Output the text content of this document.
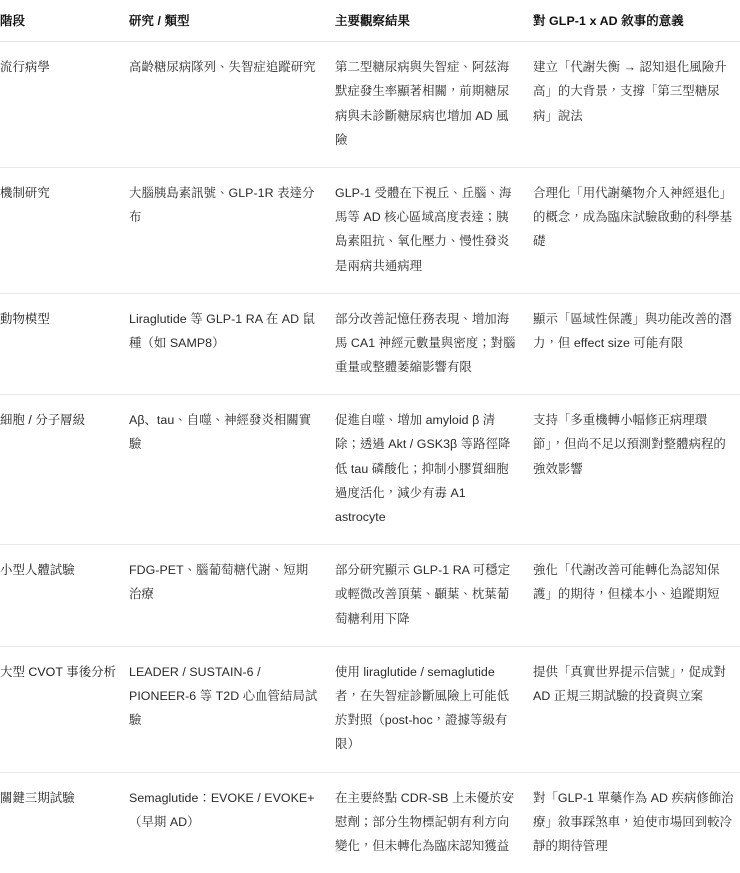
階段	研究 / 類型	主要觀察結果	對 GLP-1 x AD 敘事的意義
流行病學	高齡糖尿病隊列、失智症追蹤研究	第二型糖尿病與失智症、阿茲海默症發生率顯著相關，前期糖尿病與未診斷糖尿病也增加 AD 風險	建立「代謝失衡 → 認知退化風險升高」的大背景，支撐「第三型糖尿病」說法
機制研究	大腦胰島素訊號、GLP-1R 表達分布	GLP-1 受體在下視丘、丘腦、海馬等 AD 核心區域高度表達；胰島素阻抗、氧化壓力、慢性發炎是兩病共通病理	合理化「用代謝藥物介入神經退化」的概念，成為臨床試驗啟動的科學基礎
動物模型	Liraglutide 等 GLP-1 RA 在 AD 鼠種（如 SAMP8）	部分改善記憶任務表現、增加海馬 CA1 神經元數量與密度；對腦重量或整體萎縮影響有限	顯示「區域性保護」與功能改善的潛力，但 effect size 可能有限
細胞 / 分子層級	Aβ、tau、自噬、神經發炎相關實驗	促進自噬、增加 amyloid β 清除；透過 Akt / GSK3β 等路徑降低 tau 磷酸化；抑制小膠質細胞過度活化，減少有毒 A1 astrocyte	支持「多重機轉小幅修正病理環節」，但尚不足以預測對整體病程的強效影響
小型人體試驗	FDG-PET、腦葡萄糖代謝、短期治療	部分研究顯示 GLP-1 RA 可穩定或輕微改善頂葉、顳葉、枕葉葡萄糖利用下降	強化「代謝改善可能轉化為認知保護」的期待，但樣本小、追蹤期短
大型 CVOT 事後分析	LEADER / SUSTAIN-6 / PIONEER-6 等 T2D 心血管結局試驗	使用 liraglutide / semaglutide 者，在失智症診斷風險上可能低於對照（post-hoc，證據等級有限）	提供「真實世界提示信號」，促成對 AD 正規三期試驗的投資與立案
關鍵三期試驗	Semaglutide：EVOKE / EVOKE+（早期 AD）	在主要終點 CDR-SB 上未優於安慰劑；部分生物標記朝有利方向變化，但未轉化為臨床認知獲益	對「GLP-1 單藥作為 AD 疾病修飾治療」敘事踩煞車，迫使市場回到較冷靜的期待管理
